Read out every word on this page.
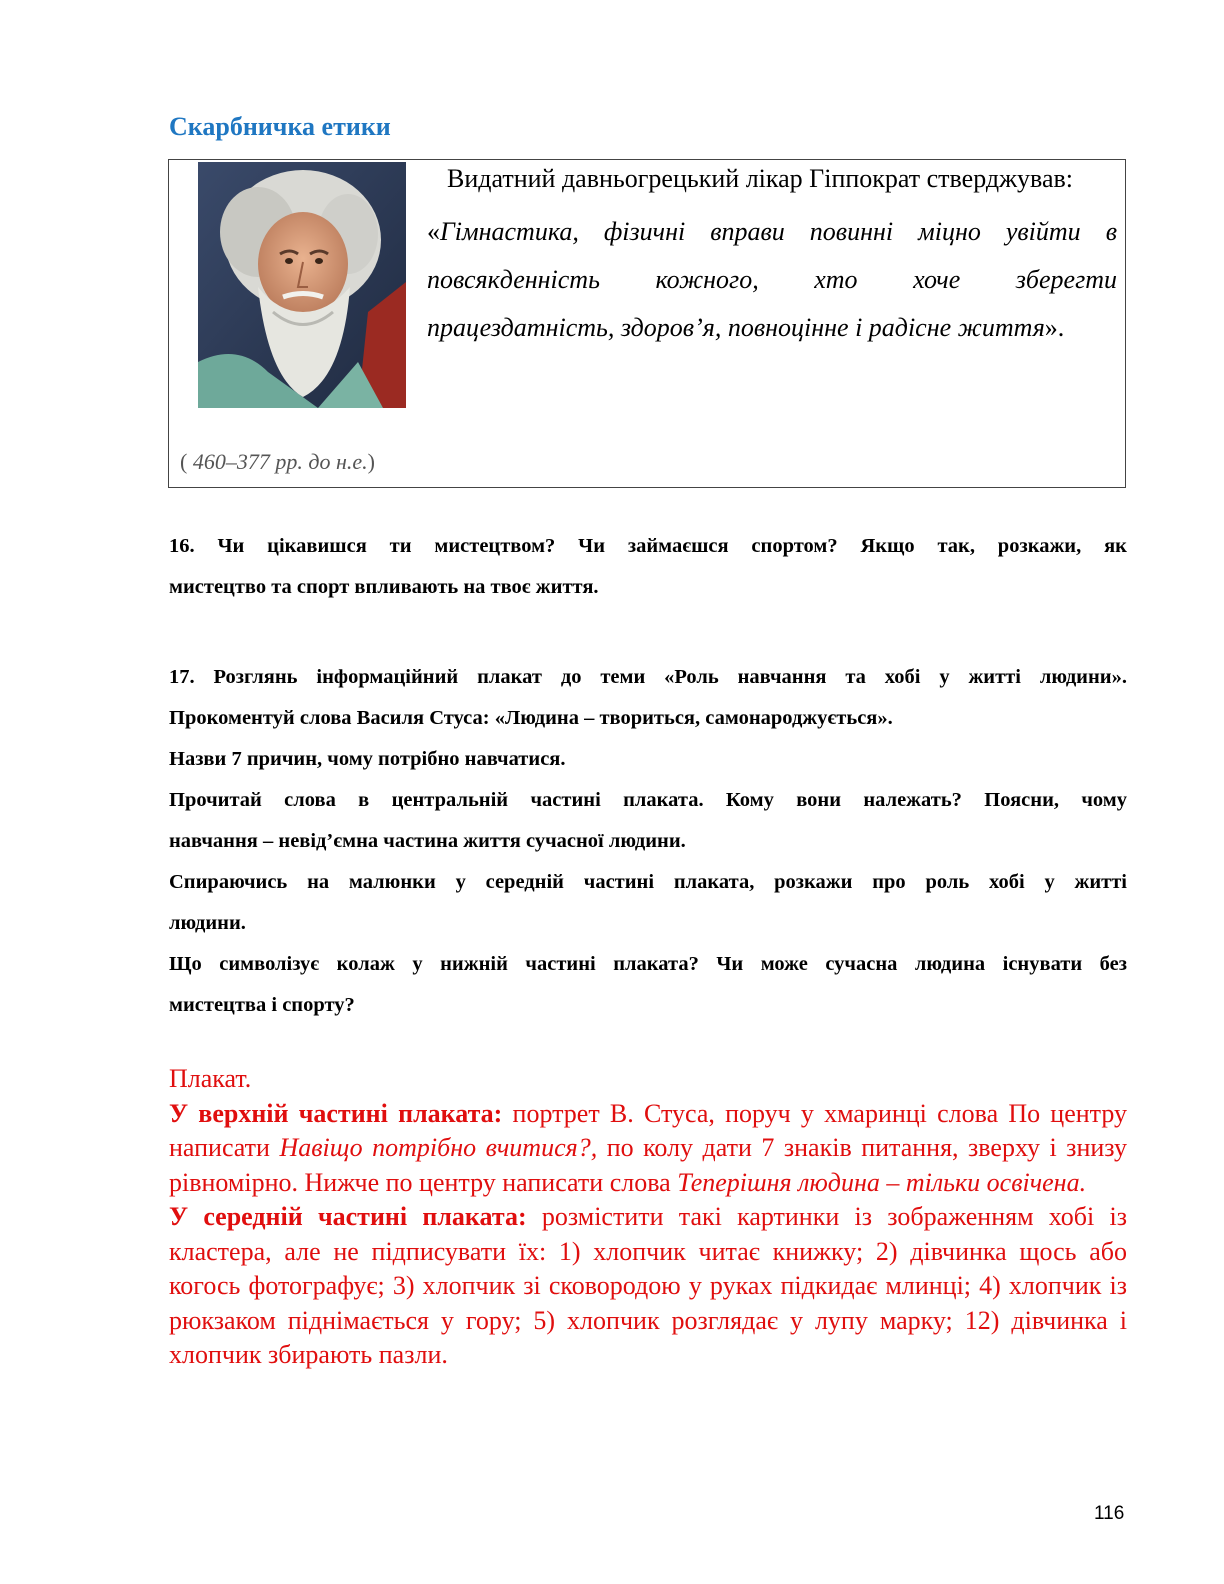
Скарбничка етики
Видатний давньогрецький лікар Гіппократ стверджував:
«Гімнастика, фізичні вправи повинні міцно увійти в
повсякденність кожного, хто хоче зберегти
працездатність, здоров’я, повноцінне і радісне життя».
( 460–377 рр. до н.е.)
16. Чи цікавишся ти мистецтвом? Чи займаєшся спортом? Якщо так, розкажи, як
мистецтво та спорт впливають на твоє життя.
17. Розглянь інформаційний плакат до теми «Роль навчання та хобі у житті людини».
Прокоментуй слова Василя Стуса: «Людина – твориться, самонароджується».
Назви 7 причин, чому потрібно навчатися.
Прочитай слова в центральній частині плаката. Кому вони належать? Поясни, чому
навчання – невід’ємна частина життя сучасної людини.
Спираючись на малюнки у середній частині плаката, розкажи про роль хобі у житті
людини.
Що символізує колаж у нижній частині плаката? Чи може сучасна людина існувати без
мистецтва і спорту?
Плакат.
У верхній частині плаката: портрет В. Стуса, поруч у хмаринці слова По центру написати Навіщо потрібно вчитися?, по колу дати 7 знаків питання, зверху і знизу рівномірно. Нижче по центру написати слова Теперішня людина – тільки освічена.
У середній частині плаката: розмістити такі картинки із зображенням хобі із кластера, але не підписувати їх: 1) хлопчик читає книжку; 2) дівчинка щось або когось фотографує; 3) хлопчик зі сковородою у руках підкидає млинці; 4) хлопчик із рюкзаком піднімається у гору; 5) хлопчик розглядає у лупу марку; 12) дівчинка і хлопчик збирають пазли.
116
